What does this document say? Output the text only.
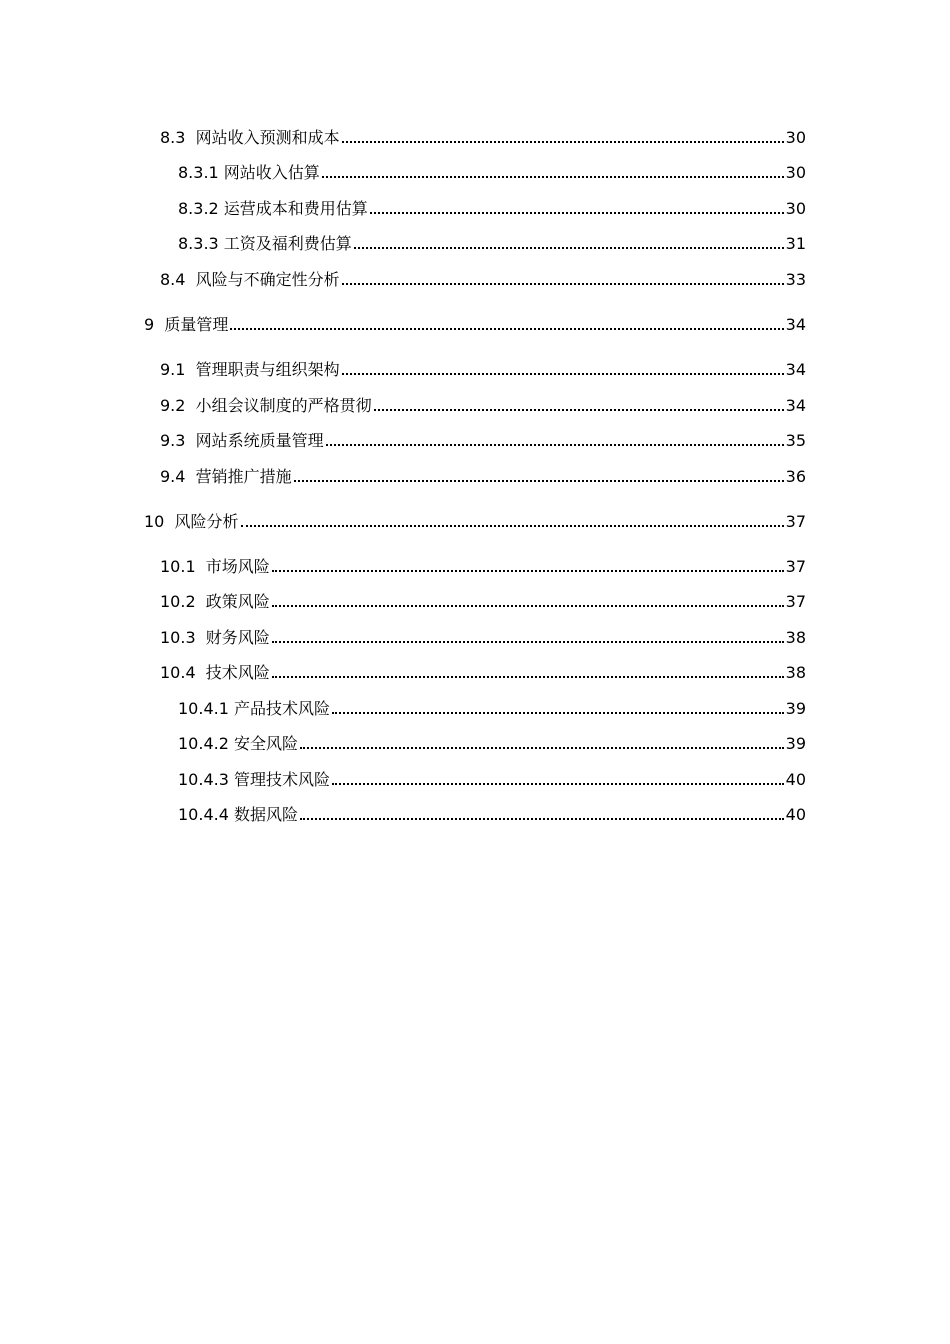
8.3  网站收入预测和成本	30
8.3.1 网站收入估算	30
8.3.2 运营成本和费用估算	30
8.3.3 工资及福利费估算	31
8.4  风险与不确定性分析	33
9  质量管理	34
9.1  管理职责与组织架构	34
9.2  小组会议制度的严格贯彻	34
9.3  网站系统质量管理	35
9.4  营销推广措施	36
10  风险分析	37
10.1  市场风险	37
10.2  政策风险	37
10.3  财务风险	38
10.4  技术风险	38
10.4.1 产品技术风险	39
10.4.2 安全风险	39
10.4.3 管理技术风险	40
10.4.4 数据风险	40
